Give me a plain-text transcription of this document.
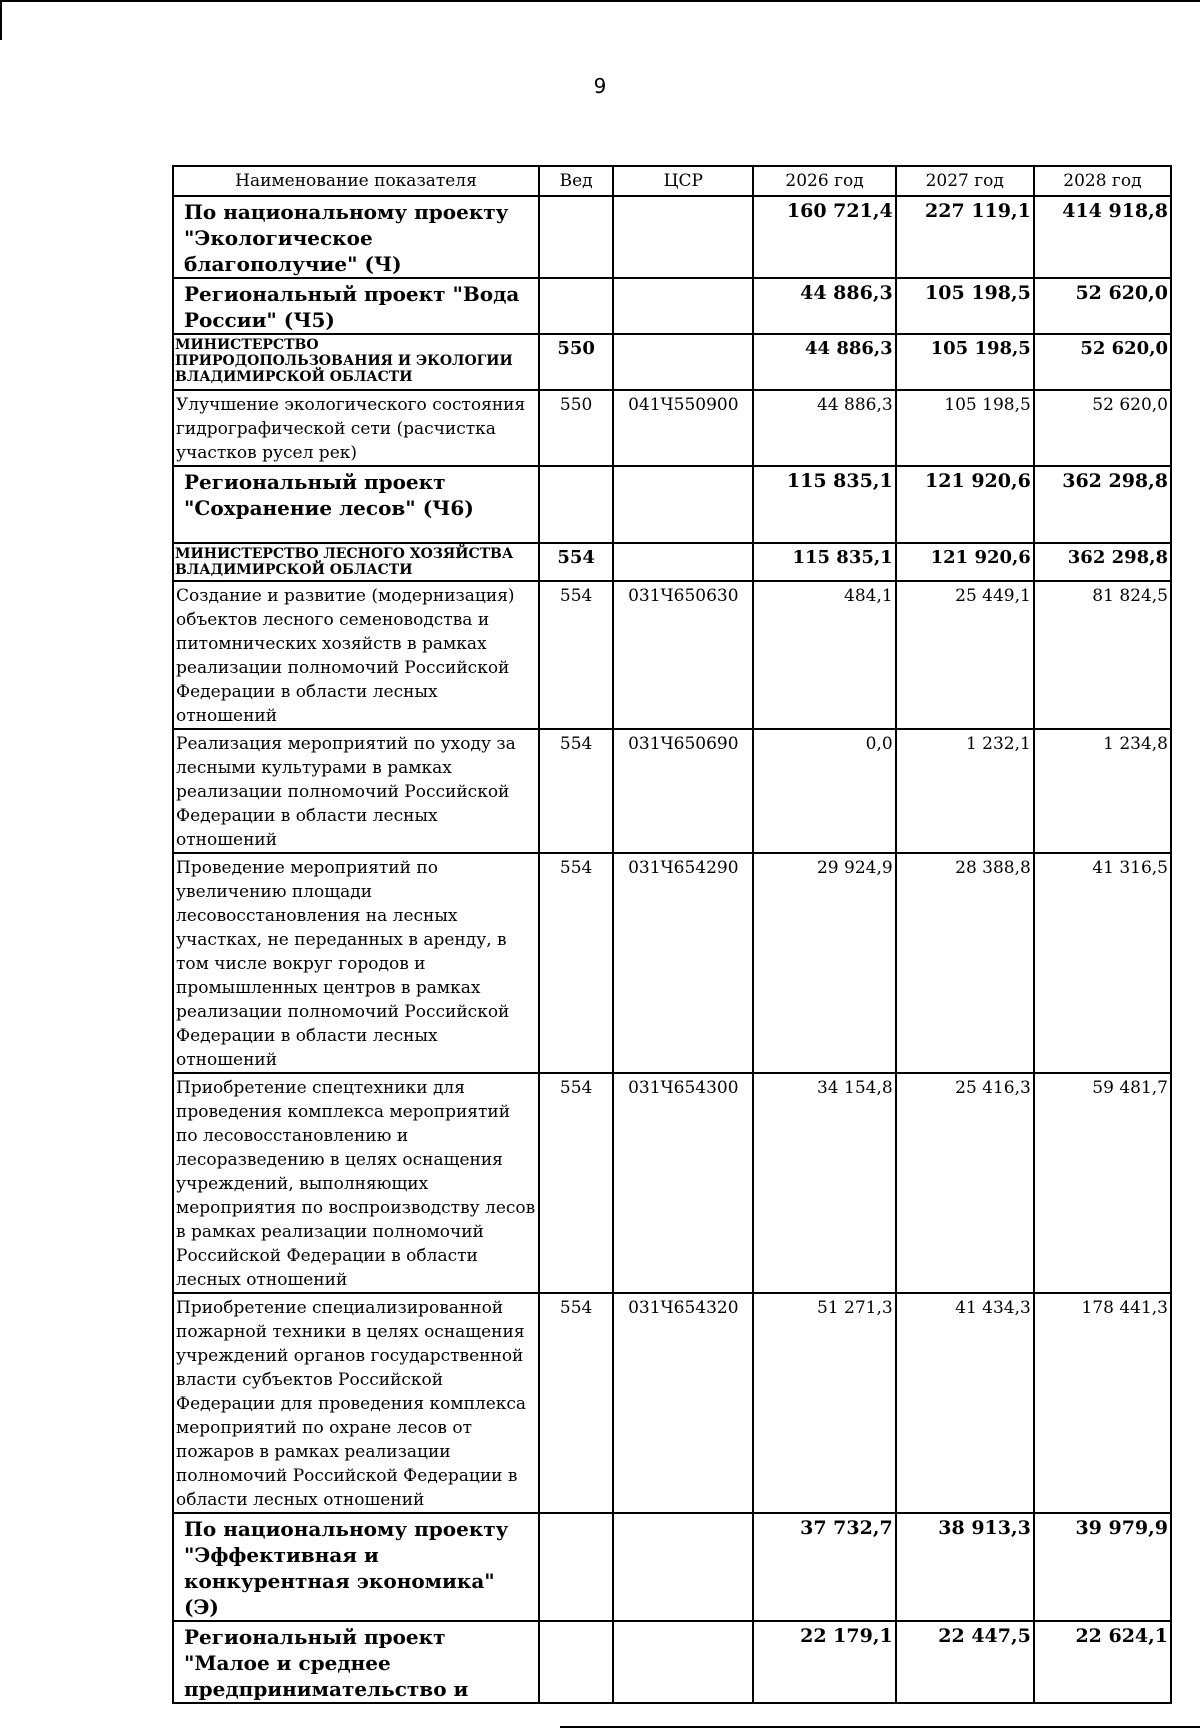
9
Наименование показателя	Вед	ЦСР	2026 год	2027 год	2028 год
По национальному проекту "Экологическое благополучие" (Ч)			160 721,4	227 119,1	414 918,8
Региональный проект "Вода России" (Ч5)			44 886,3	105 198,5	52 620,0
МИНИСТЕРСТВО ПРИРОДОПОЛЬЗОВАНИЯ И ЭКОЛОГИИ ВЛАДИМИРСКОЙ ОБЛАСТИ	550		44 886,3	105 198,5	52 620,0
Улучшение экологического состояния гидрографической сети (расчистка участков русел рек)	550	041Ч550900	44 886,3	105 198,5	52 620,0
Региональный проект "Сохранение лесов" (Ч6)			115 835,1	121 920,6	362 298,8
МИНИСТЕРСТВО ЛЕСНОГО ХОЗЯЙСТВА ВЛАДИМИРСКОЙ ОБЛАСТИ	554		115 835,1	121 920,6	362 298,8
Создание и развитие (модернизация) объектов лесного семеноводства и питомнических хозяйств в рамках реализации полномочий Российской Федерации в области лесных отношений	554	031Ч650630	484,1	25 449,1	81 824,5
Реализация мероприятий по уходу за лесными культурами в рамках реализации полномочий Российской Федерации в области лесных отношений	554	031Ч650690	0,0	1 232,1	1 234,8
Проведение мероприятий по увеличению площади лесовосстановления на лесных участках, не переданных в аренду, в том числе вокруг городов и промышленных центров в рамках реализации полномочий Российской Федерации в области лесных отношений	554	031Ч654290	29 924,9	28 388,8	41 316,5
Приобретение спецтехники для проведения комплекса мероприятий по лесовосстановлению и лесоразведению в целях оснащения учреждений, выполняющих мероприятия по воспроизводству лесов в рамках реализации полномочий Российской Федерации в области лесных отношений	554	031Ч654300	34 154,8	25 416,3	59 481,7
Приобретение специализированной пожарной техники в целях оснащения учреждений органов государственной власти субъектов Российской Федерации для проведения комплекса мероприятий по охране лесов от пожаров в рамках реализации полномочий Российской Федерации в области лесных отношений	554	031Ч654320	51 271,3	41 434,3	178 441,3
По национальному проекту "Эффективная и конкурентная экономика" (Э)			37 732,7	38 913,3	39 979,9
Региональный проект "Малое и среднее предпринимательство и			22 179,1	22 447,5	22 624,1
